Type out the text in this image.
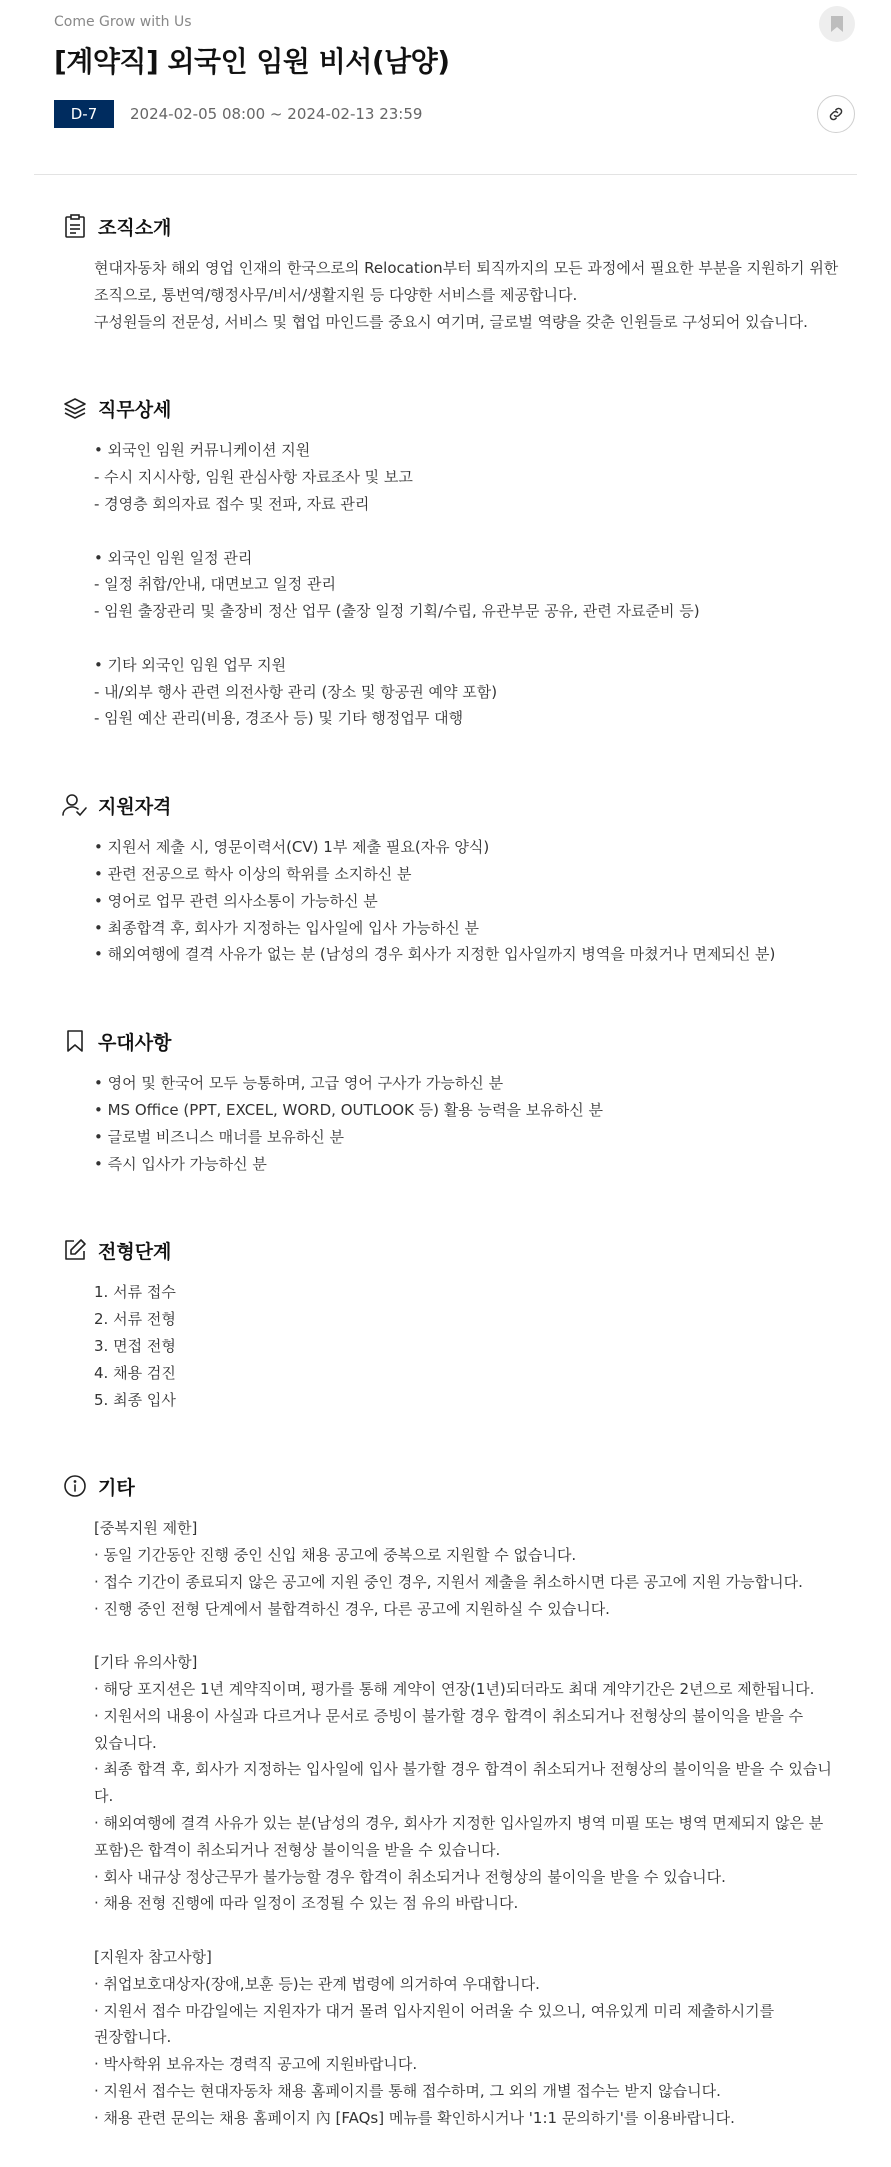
Come Grow with Us
[계약직] 외국인 임원 비서(남양)
D-7	2024-02-05 08:00 ~ 2024-02-13 23:59
조직소개
현대자동차 해외 영업 인재의 한국으로의 Relocation부터 퇴직까지의 모든 과정에서 필요한 부분을 지원하기 위한
조직으로, 통번역/행정사무/비서/생활지원 등 다양한 서비스를 제공합니다.
구성원들의 전문성, 서비스 및 협업 마인드를 중요시 여기며, 글로벌 역량을 갖춘 인원들로 구성되어 있습니다.
직무상세
• 외국인 임원 커뮤니케이션 지원
- 수시 지시사항, 임원 관심사항 자료조사 및 보고
- 경영층 회의자료 접수 및 전파, 자료 관리
• 외국인 임원 일정 관리
- 일정 취합/안내, 대면보고 일정 관리
- 임원 출장관리 및 출장비 정산 업무 (출장 일정 기획/수립, 유관부문 공유, 관련 자료준비 등)
• 기타 외국인 임원 업무 지원
- 내/외부 행사 관련 의전사항 관리 (장소 및 항공권 예약 포함)
- 임원 예산 관리(비용, 경조사 등) 및 기타 행정업무 대행
지원자격
• 지원서 제출 시, 영문이력서(CV) 1부 제출 필요(자유 양식)
• 관련 전공으로 학사 이상의 학위를 소지하신 분
• 영어로 업무 관련 의사소통이 가능하신 분
• 최종합격 후, 회사가 지정하는 입사일에 입사 가능하신 분
• 해외여행에 결격 사유가 없는 분 (남성의 경우 회사가 지정한 입사일까지 병역을 마쳤거나 면제되신 분)
우대사항
• 영어 및 한국어 모두 능통하며, 고급 영어 구사가 가능하신 분
• MS Office (PPT, EXCEL, WORD, OUTLOOK 등) 활용 능력을 보유하신 분
• 글로벌 비즈니스 매너를 보유하신 분
• 즉시 입사가 가능하신 분
전형단계
1. 서류 접수
2. 서류 전형
3. 면접 전형
4. 채용 검진
5. 최종 입사
기타
[중복지원 제한]
· 동일 기간동안 진행 중인 신입 채용 공고에 중복으로 지원할 수 없습니다.
· 접수 기간이 종료되지 않은 공고에 지원 중인 경우, 지원서 제출을 취소하시면 다른 공고에 지원 가능합니다.
· 진행 중인 전형 단계에서 불합격하신 경우, 다른 공고에 지원하실 수 있습니다.
[기타 유의사항]
· 해당 포지션은 1년 계약직이며, 평가를 통해 계약이 연장(1년)되더라도 최대 계약기간은 2년으로 제한됩니다.
· 지원서의 내용이 사실과 다르거나 문서로 증빙이 불가할 경우 합격이 취소되거나 전형상의 불이익을 받을 수
있습니다.
· 최종 합격 후, 회사가 지정하는 입사일에 입사 불가할 경우 합격이 취소되거나 전형상의 불이익을 받을 수 있습니다.
· 해외여행에 결격 사유가 있는 분(남성의 경우, 회사가 지정한 입사일까지 병역 미필 또는 병역 면제되지 않은 분
포함)은 합격이 취소되거나 전형상 불이익을 받을 수 있습니다.
· 회사 내규상 정상근무가 불가능할 경우 합격이 취소되거나 전형상의 불이익을 받을 수 있습니다.
· 채용 전형 진행에 따라 일정이 조정될 수 있는 점 유의 바랍니다.
[지원자 참고사항]
· 취업보호대상자(장애,보훈 등)는 관계 법령에 의거하여 우대합니다.
· 지원서 접수 마감일에는 지원자가 대거 몰려 입사지원이 어려울 수 있으니, 여유있게 미리 제출하시기를
권장합니다.
· 박사학위 보유자는 경력직 공고에 지원바랍니다.
· 지원서 접수는 현대자동차 채용 홈페이지를 통해 접수하며, 그 외의 개별 접수는 받지 않습니다.
· 채용 관련 문의는 채용 홈페이지 內 [FAQs] 메뉴를 확인하시거나 '1:1 문의하기'를 이용바랍니다.
